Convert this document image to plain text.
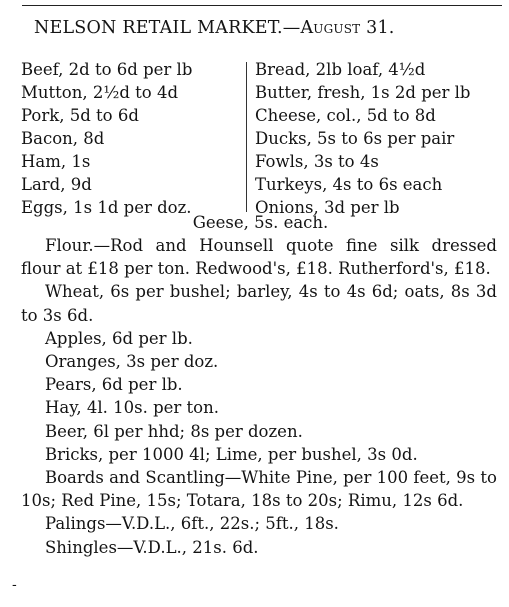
NELSON RETAIL MARKET.—August 31.
Beef, 2d to 6d per lb
Mutton, 2½d to 4d
Pork, 5d to 6d
Bacon, 8d
Ham, 1s
Lard, 9d
Eggs, 1s 1d per doz.
Bread, 2lb loaf, 4½d
Butter, fresh, 1s 2d per lb
Cheese, col., 5d to 8d
Ducks, 5s to 6s per pair
Fowls, 3s to 4s
Turkeys, 4s to 6s each
Onions, 3d per lb
Geese, 5s. each.

Flour.—Rod and Hounsell quote fine silk dressed flour at £18 per ton. Redwood's, £18. Rutherford's, £18.

Wheat, 6s per bushel; barley, 4s to 4s 6d; oats, 8s 3d to 3s 6d.

Apples, 6d per lb.

Oranges, 3s per doz.

Pears, 6d per lb.

Hay, 4l. 10s. per ton.

Beer, 6l per hhd; 8s per dozen.

Bricks, per 1000 4l; Lime, per bushel, 3s 0d.

Boards and Scantling—White Pine, per 100 feet, 9s to 10s; Red Pine, 15s; Totara, 18s to 20s; Rimu, 12s 6d.

Palings—V.D.L., 6ft., 22s.; 5ft., 18s.

Shingles—V.D.L., 21s. 6d.

-
